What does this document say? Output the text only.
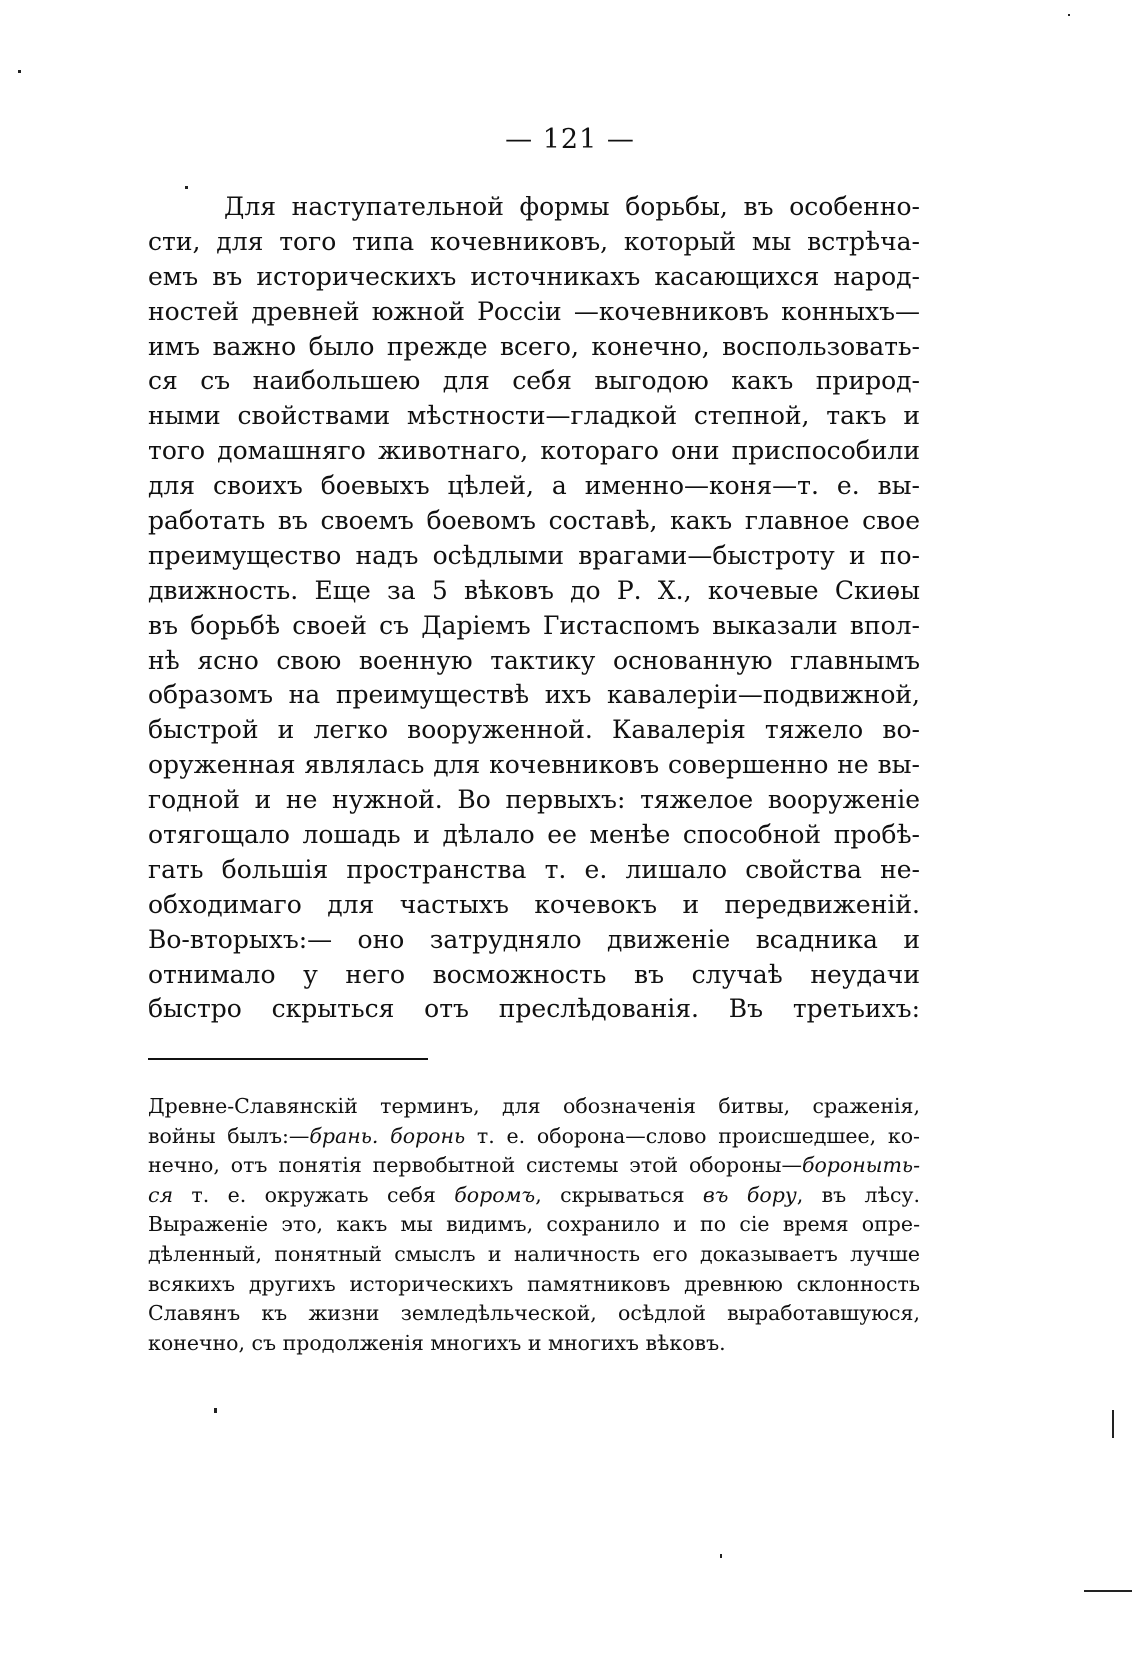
— 121 —
Для наступательной формы борьбы, въ особенно-
сти, для того типа кочевниковъ, который мы встрѣча-
емъ въ историческихъ источникахъ касающихся народ-
ностей древней южной Россіи —кочевниковъ конныхъ—
имъ важно было прежде всего, конечно, воспользовать-
ся съ наибольшею для себя выгодою какъ природ-
ными свойствами мѣстности—гладкой степной, такъ и
того домашняго животнаго, котораго они приспособили
для своихъ боевыхъ цѣлей, а именно—коня—т. е. вы-
работать въ своемъ боевомъ составѣ, какъ главное свое
преимущество надъ осѣдлыми врагами—быстроту и по-
движность. Еще за 5 вѣковъ до Р. Х., кочевые Скиѳы
въ борьбѣ своей съ Даріемъ Гистаспомъ выказали впол-
нѣ ясно свою военную тактику основанную главнымъ
образомъ на преимуществѣ ихъ кавалеріи—подвижной,
быстрой и легко вооруженной. Кавалерія тяжело во-
оруженная являлась для кочевниковъ совершенно не вы-
годной и не нужной. Во первыхъ: тяжелое вооруженіе
отягощало лошадь и дѣлало ее менѣе способной пробѣ-
гать большія пространства т. е. лишало свойства не-
обходимаго для частыхъ кочевокъ и передвиженій.
Во-вторыхъ:— оно затрудняло движеніе всадника и
отнимало у него восможность въ случаѣ неудачи
быстро скрыться отъ преслѣдованія. Въ третьихъ:
Древне-Славянскій терминъ, для обозначенія битвы, сраженія,
войны былъ:—брань. боронь т. е. оборона—слово происшедшее, ко-
нечно, отъ понятія первобытной системы этой обороны—бороныть-
ся т. е. окружать себя боромъ, скрываться въ бору, въ лѣсу.
Выраженіе это, какъ мы видимъ, сохранило и по сіе время опре-
дѣленный, понятный смыслъ и наличность его доказываетъ лучше
всякихъ другихъ историческихъ памятниковъ древнюю склонность
Славянъ къ жизни земледѣльческой, осѣдлой выработавшуюся,
конечно, съ продолженія многихъ и многихъ вѣковъ.
